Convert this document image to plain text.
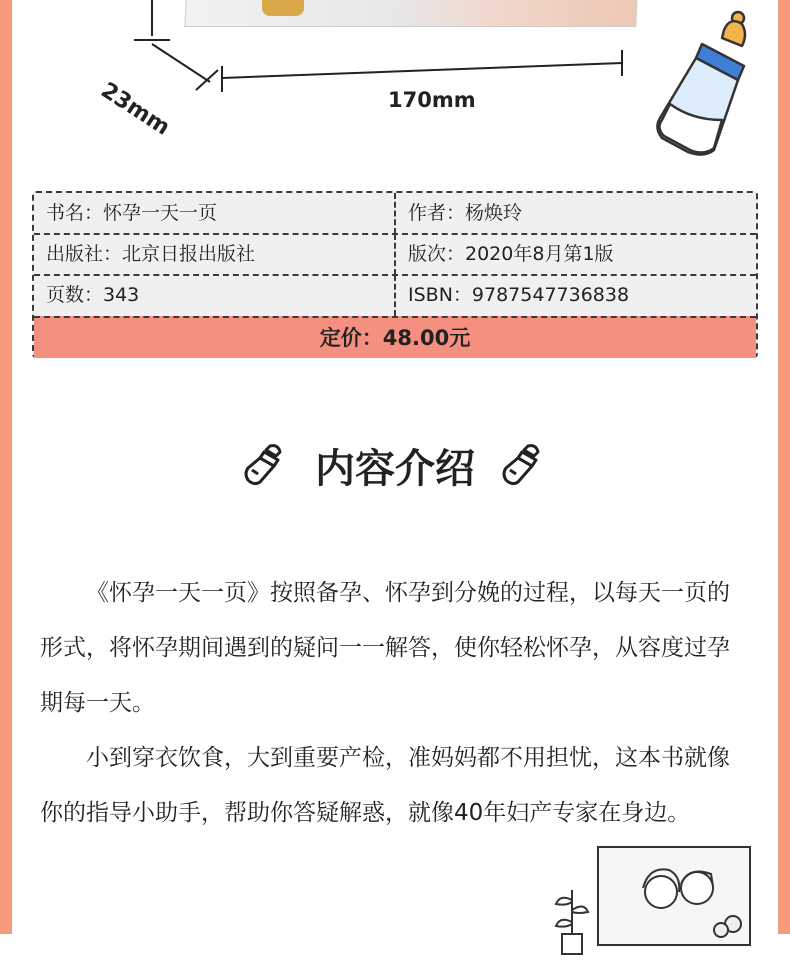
23mm	170mm
书名：怀孕一天一页	作者：杨焕玲
出版社：北京日报出版社	版次：2020年8月第1版
页数：343	ISBN：9787547736838
定价：48.00元
内容介绍
《怀孕一天一页》按照备孕、怀孕到分娩的过程，以每天一页的形式，将怀孕期间遇到的疑问一一解答，使你轻松怀孕，从容度过孕期每一天。
小到穿衣饮食，大到重要产检，准妈妈都不用担忧，这本书就像你的指导小助手，帮助你答疑解惑，就像40年妇产专家在身边。
